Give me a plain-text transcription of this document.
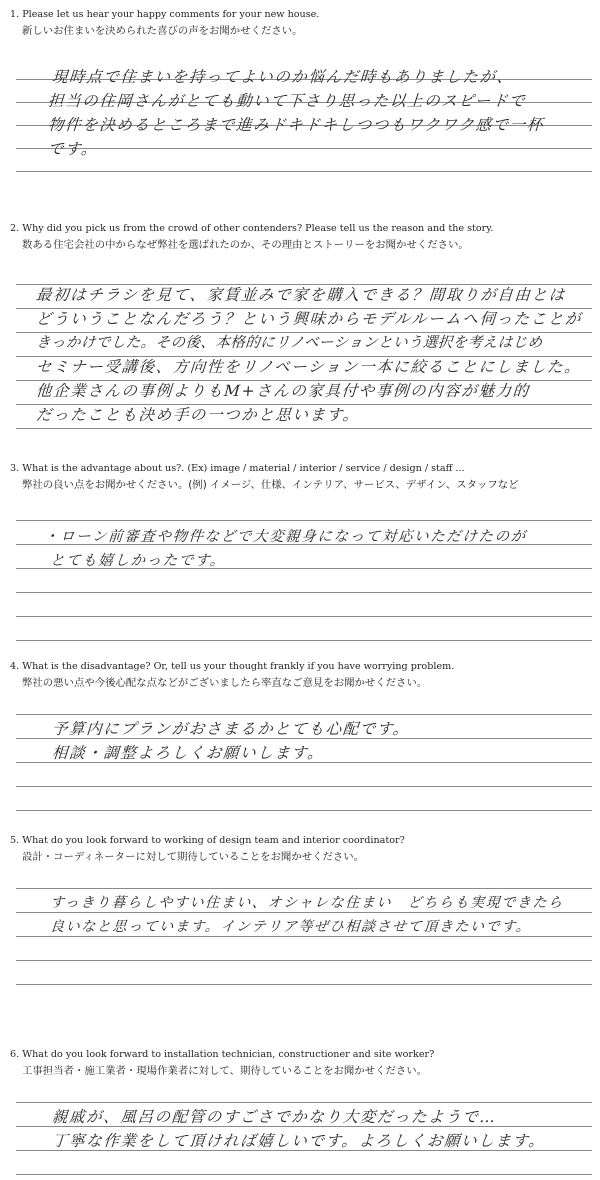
1. Please let us hear your happy comments for your new house.
新しいお住まいを決められた喜びの声をお聞かせください。
現時点で住まいを持ってよいのか悩んだ時もありましたが、
担当の住岡さんがとても動いて下さり思った以上のスピードで
物件を決めるところまで進みドキドキしつつもワクワク感で一杯
です。
2. Why did you pick us from the crowd of other contenders? Please tell us the reason and the story.
数ある住宅会社の中からなぜ弊社を選ばれたのか、その理由とストーリーをお聞かせください。
最初はチラシを見て、家賃並みで家を購入できる？間取りが自由とは
どういうことなんだろう？という興味からモデルルームへ伺ったことが
きっかけでした。その後、本格的にリノベーションという選択を考えはじめ
セミナー受講後、方向性をリノベーション一本に絞ることにしました。
他企業さんの事例よりもM+さんの家具付や事例の内容が魅力的
だったことも決め手の一つかと思います。
3. What is the advantage about us?. (Ex) image / material / interior / service / design / staff ...
弊社の良い点をお聞かせください。(例) イメージ、仕様、インテリア、サービス、デザイン、スタッフなど
・ローン前審査や物件などで大変親身になって対応いただけたのが
とても嬉しかったです。
4. What is the disadvantage? Or, tell us your thought frankly if you have worrying problem.
弊社の悪い点や今後心配な点などがございましたら率直なご意見をお聞かせください。
予算内にプランがおさまるかとても心配です。
相談・調整よろしくお願いします。
5. What do you look forward to working of design team and interior coordinator?
設計・コーディネーターに対して期待していることをお聞かせください。
すっきり暮らしやすい住まい、オシャレな住まい　どちらも実現できたら
良いなと思っています。インテリア等ぜひ相談させて頂きたいです。
6. What do you look forward to installation technician, constructioner and site worker?
工事担当者・施工業者・現場作業者に対して、期待していることをお聞かせください。
親戚が、風呂の配管のすごさでかなり大変だったようで…
丁寧な作業をして頂ければ嬉しいです。よろしくお願いします。
